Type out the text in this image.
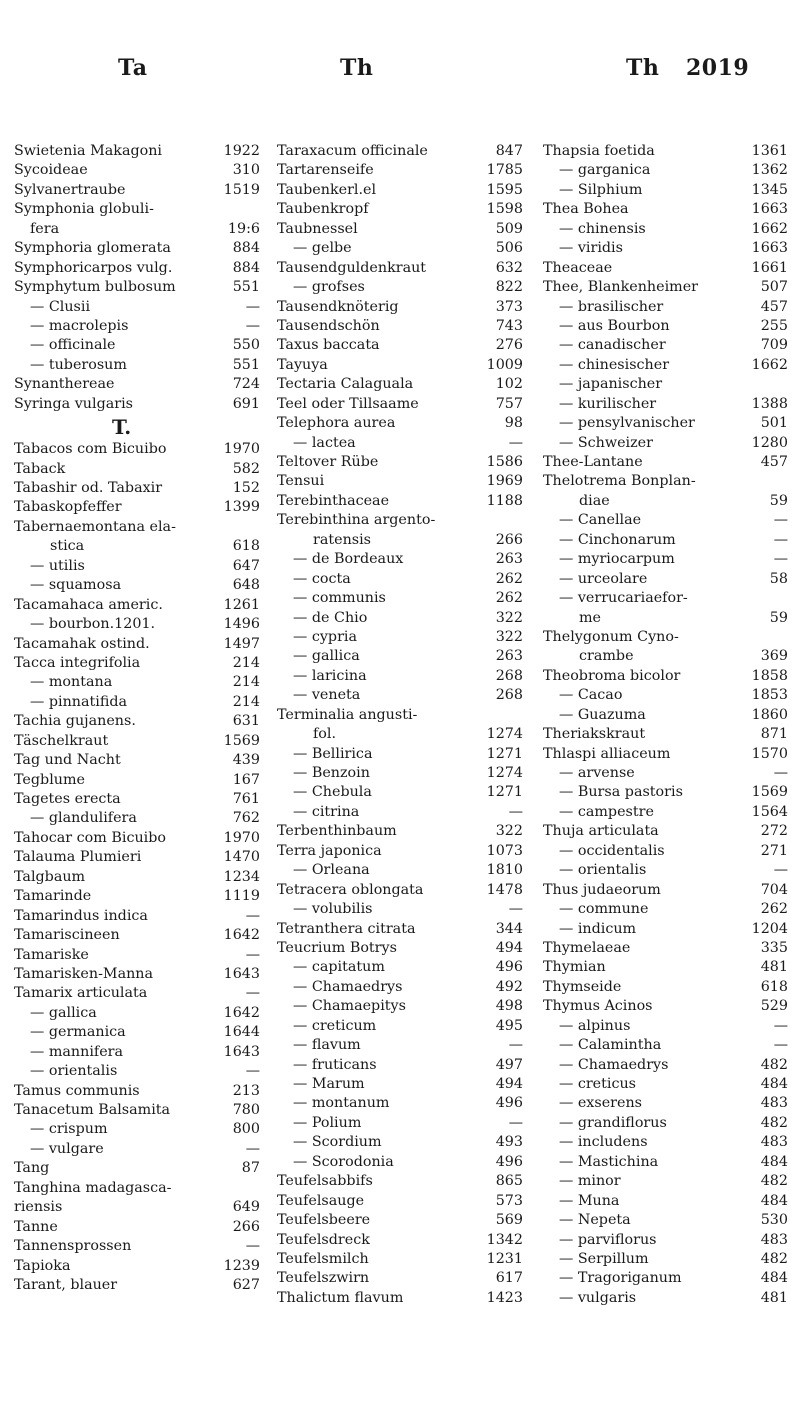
Ta	Th	Th 2019
Swietenia Makagoni	1922
Sycoideae	310
Sylvanertraube	1519
Symphonia globuli-
fera	19:6
Symphoria glomerata	884
Symphoricarpos vulg.	884
Symphytum bulbosum	551
— Clusii	—
— macrolepis	—
— officinale	550
— tuberosum	551
Synanthereae	724
Syringa vulgaris	691
T.
Tabacos com Bicuibo	1970
Taback	582
Tabashir od. Tabaxir	152
Tabaskopfeffer	1399
Tabernaemontana ela-
stica	618
— utilis	647
— squamosa	648
Tacamahaca americ.	1261
— bourbon.1201.	1496
Tacamahak ostind.	1497
Tacca integrifolia	214
— montana	214
— pinnatifida	214
Tachia gujanens.	631
Täschelkraut	1569
Tag und Nacht	439
Tegblume	167
Tagetes erecta	761
— glandulifera	762
Tahocar com Bicuibo	1970
Talauma Plumieri	1470
Talgbaum	1234
Tamarinde	1119
Tamarindus indica	—
Tamariscineen	1642
Tamariske	—
Tamarisken-Manna	1643
Tamarix articulata	—
— gallica	1642
— germanica	1644
— mannifera	1643
— orientalis	—
Tamus communis	213
Tanacetum Balsamita	780
— crispum	800
— vulgare	—
Tang	87
Tanghina madagasca-
riensis	649
Tanne	266
Tannensprossen	—
Tapioka	1239
Tarant, blauer	627
Taraxacum officinale	847
Tartarenseife	1785
Taubenkerl.el	1595
Taubenkropf	1598
Taubnessel	509
— gelbe	506
Tausendguldenkraut	632
— grofses	822
Tausendknöterig	373
Tausendschön	743
Taxus baccata	276
Tayuya	1009
Tectaria Calaguala	102
Teel oder Tillsaame	757
Telephora aurea	98
— lactea	—
Teltover Rübe	1586
Tensui	1969
Terebinthaceae	1188
Terebinthina argento-
ratensis	266
— de Bordeaux	263
— cocta	262
— communis	262
— de Chio	322
— cypria	322
— gallica	263
— laricina	268
— veneta	268
Terminalia angusti-
fol.	1274
— Bellirica	1271
— Benzoin	1274
— Chebula	1271
— citrina	—
Terbenthinbaum	322
Terra japonica	1073
— Orleana	1810
Tetracera oblongata	1478
— volubilis	—
Tetranthera citrata	344
Teucrium Botrys	494
— capitatum	496
— Chamaedrys	492
— Chamaepitys	498
— creticum	495
— flavum	—
— fruticans	497
— Marum	494
— montanum	496
— Polium	—
— Scordium	493
— Scorodonia	496
Teufelsabbifs	865
Teufelsauge	573
Teufelsbeere	569
Teufelsdreck	1342
Teufelsmilch	1231
Teufelszwirn	617
Thalictum flavum	1423
Thapsia foetida	1361
— garganica	1362
— Silphium	1345
Thea Bohea	1663
— chinensis	1662
— viridis	1663
Theaceae	1661
Thee, Blankenheimer	507
— brasilischer	457
— aus Bourbon	255
— canadischer	709
— chinesischer	1662
— japanischer
— kurilischer	1388
— pensylvanischer	501
— Schweizer	1280
Thee-Lantane	457
Thelotrema Bonplan-
diae	59
— Canellae	—
— Cinchonarum	—
— myriocarpum	—
— urceolare	58
— verrucariaefor-
me	59
Thelygonum Cyno-
crambe	369
Theobroma bicolor	1858
— Cacao	1853
— Guazuma	1860
Theriakskraut	871
Thlaspi alliaceum	1570
— arvense	—
— Bursa pastoris	1569
— campestre	1564
Thuja articulata	272
— occidentalis	271
— orientalis	—
Thus judaeorum	704
— commune	262
— indicum	1204
Thymelaeae	335
Thymian	481
Thymseide	618
Thymus Acinos	529
— alpinus	—
— Calamintha	—
— Chamaedrys	482
— creticus	484
— exserens	483
— grandiflorus	482
— includens	483
— Mastichina	484
— minor	482
— Muna	484
— Nepeta	530
— parviflorus	483
— Serpillum	482
— Tragoriganum	484
— vulgaris	481
